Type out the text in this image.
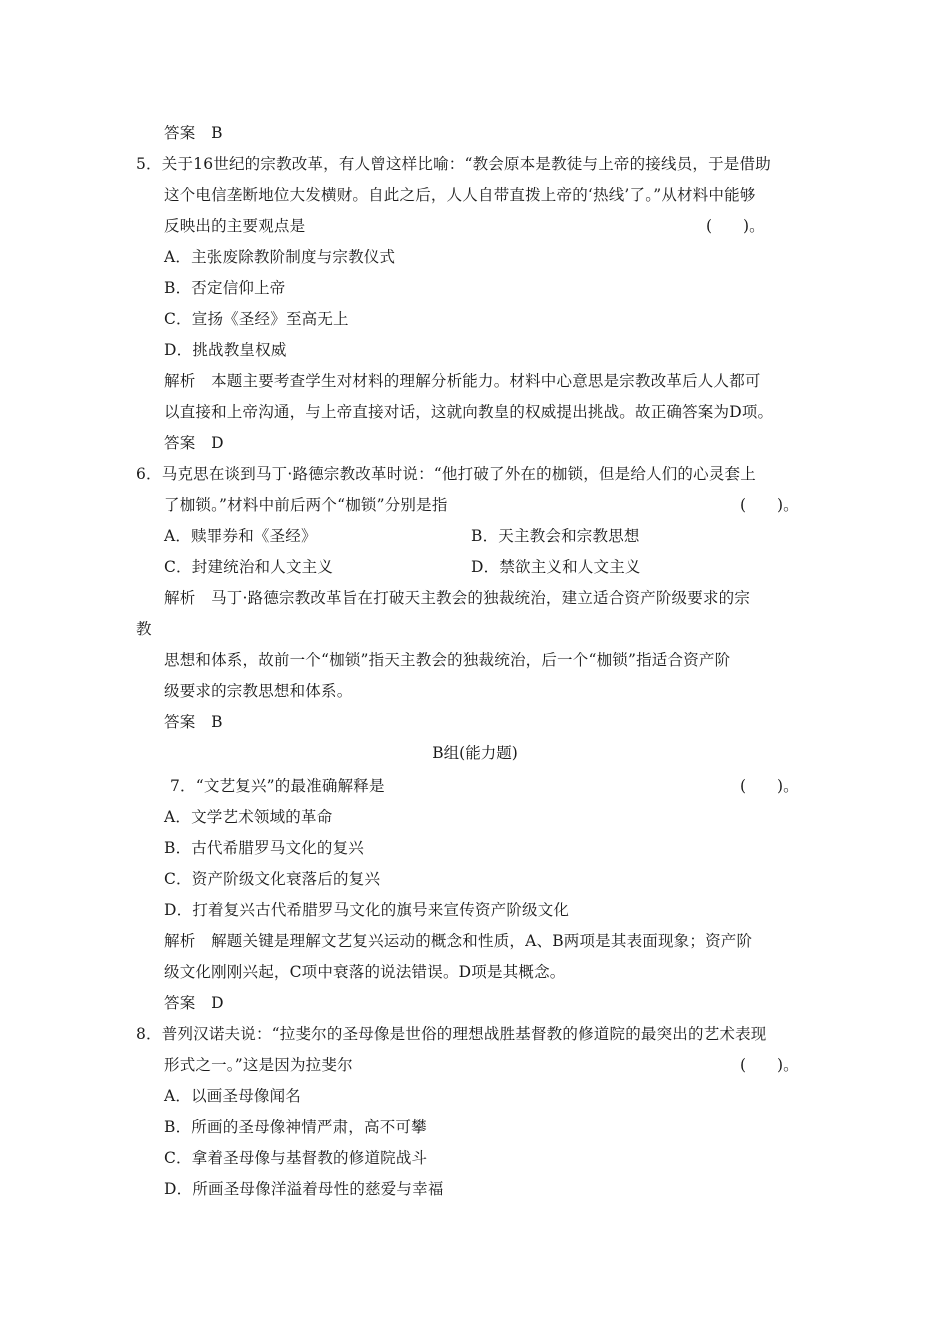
答案　B
5．关于16世纪的宗教改革，有人曾这样比喻：“教会原本是教徒与上帝的接线员，于是借助
这个电信垄断地位大发横财。自此之后，人人自带直拨上帝的‘热线’了。”从材料中能够
反映出的主要观点是	(　　)。
A．主张废除教阶制度与宗教仪式
B．否定信仰上帝
C．宣扬《圣经》至高无上
D．挑战教皇权威
解析　本题主要考查学生对材料的理解分析能力。材料中心意思是宗教改革后人人都可
以直接和上帝沟通，与上帝直接对话，这就向教皇的权威提出挑战。故正确答案为D项。
答案　D
6．马克思在谈到马丁·路德宗教改革时说：“他打破了外在的枷锁，但是给人们的心灵套上
了枷锁。”材料中前后两个“枷锁”分别是指	(　　)。
A．赎罪券和《圣经》	B．天主教会和宗教思想
C．封建统治和人文主义	D．禁欲主义和人文主义
解析　马丁·路德宗教改革旨在打破天主教会的独裁统治，建立适合资产阶级要求的宗
教
思想和体系，故前一个“枷锁”指天主教会的独裁统治，后一个“枷锁”指适合资产阶
级要求的宗教思想和体系。
答案　B
B组(能力题)
7．“文艺复兴”的最准确解释是	(　　)。
A．文学艺术领域的革命
B．古代希腊罗马文化的复兴
C．资产阶级文化衰落后的复兴
D．打着复兴古代希腊罗马文化的旗号来宣传资产阶级文化
解析　解题关键是理解文艺复兴运动的概念和性质，A、B两项是其表面现象；资产阶
级文化刚刚兴起，C项中衰落的说法错误。D项是其概念。
答案　D
8．普列汉诺夫说：“拉斐尔的圣母像是世俗的理想战胜基督教的修道院的最突出的艺术表现
形式之一。”这是因为拉斐尔	(　　)。
A．以画圣母像闻名
B．所画的圣母像神情严肃，高不可攀
C．拿着圣母像与基督教的修道院战斗
D．所画圣母像洋溢着母性的慈爱与幸福
